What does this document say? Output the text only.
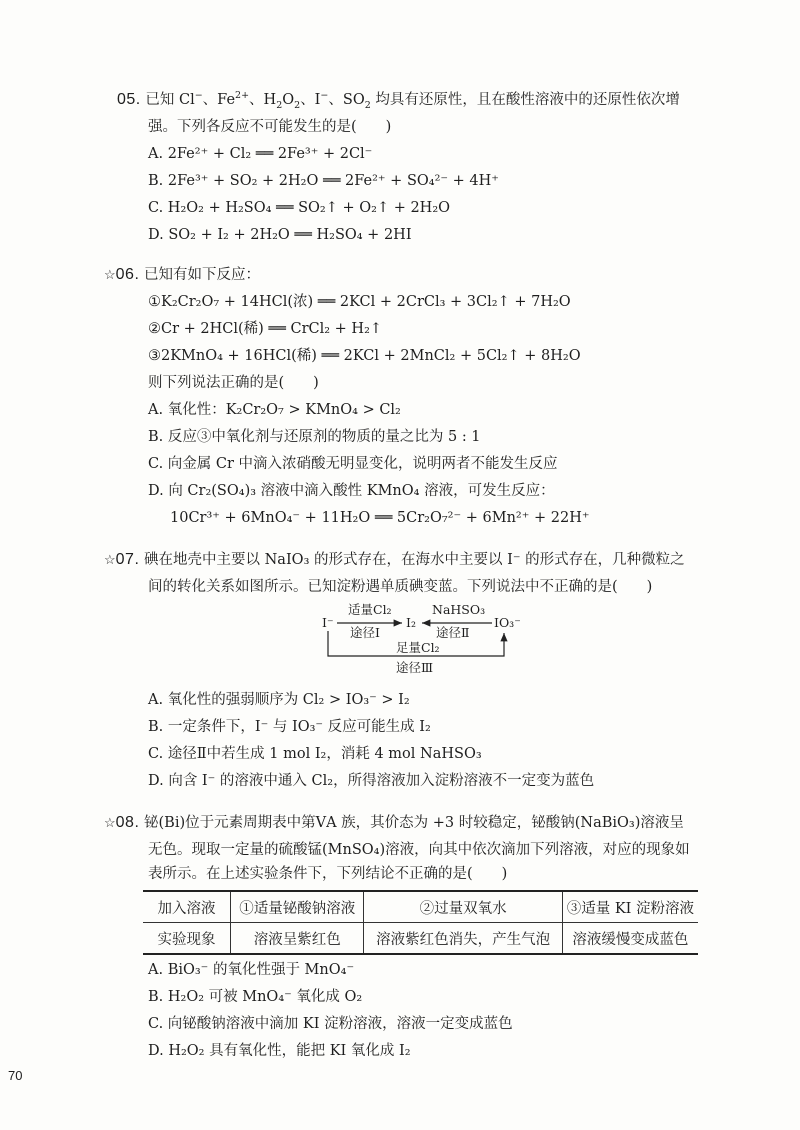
05. 已知 Cl−、$Fe^{2+}$、$H_2O_2$、I−、$SO_2$ 均具有还原性，且在酸性溶液中的还原性依次增
强。下列各反应不可能发生的是(　　)
A. 2Fe²⁺ + Cl₂ ══ 2Fe³⁺ + 2Cl⁻
B. 2Fe³⁺ + SO₂ + 2H₂O ══ 2Fe²⁺ + SO₄²⁻ + 4H⁺
C. H₂O₂ + H₂SO₄ ══ SO₂↑ + O₂↑ + 2H₂O
D. SO₂ + I₂ + 2H₂O ══ H₂SO₄ + 2HI
☆06. 已知有如下反应：
①K₂Cr₂O₇ + 14HCl(浓) ══ 2KCl + 2CrCl₃ + 3Cl₂↑ + 7H₂O
②Cr + 2HCl(稀) ══ CrCl₂ + H₂↑
③2KMnO₄ + 16HCl(稀) ══ 2KCl + 2MnCl₂ + 5Cl₂↑ + 8H₂O
则下列说法正确的是(　　)
A. 氧化性：K₂Cr₂O₇ > KMnO₄ > Cl₂
B. 反应③中氧化剂与还原剂的物质的量之比为 5 : 1
C. 向金属 Cr 中滴入浓硝酸无明显变化，说明两者不能发生反应
D. 向 Cr₂(SO₄)₃ 溶液中滴入酸性 KMnO₄ 溶液，可发生反应：
10Cr³⁺ + 6MnO₄⁻ + 11H₂O ══ 5Cr₂O₇²⁻ + 6Mn²⁺ + 22H⁺
☆07. 碘在地壳中主要以 NaIO₃ 的形式存在，在海水中主要以 I⁻ 的形式存在，几种微粒之
间的转化关系如图所示。已知淀粉遇单质碘变蓝。下列说法中不正确的是(　　)
I⁻	I₂	IO₃⁻
适量Cl₂
途径Ⅰ
NaHSO₃
途径Ⅱ
足量Cl₂
途径Ⅲ
A. 氧化性的强弱顺序为 Cl₂ > IO₃⁻ > I₂
B. 一定条件下，I⁻ 与 IO₃⁻ 反应可能生成 I₂
C. 途径Ⅱ中若生成 1 mol I₂，消耗 4 mol NaHSO₃
D. 向含 I⁻ 的溶液中通入 Cl₂，所得溶液加入淀粉溶液不一定变为蓝色
☆08. 铋(Bi)位于元素周期表中第ⅤA 族，其价态为 +3 时较稳定，铋酸钠(NaBiO₃)溶液呈
无色。现取一定量的硫酸锰(MnSO₄)溶液，向其中依次滴加下列溶液，对应的现象如
表所示。在上述实验条件下，下列结论不正确的是(　　)
加入溶液	①适量铋酸钠溶液	②过量双氧水	③适量 KI 淀粉溶液
实验现象	溶液呈紫红色	溶液紫红色消失，产生气泡	溶液缓慢变成蓝色
A. BiO₃⁻ 的氧化性强于 MnO₄⁻
B. H₂O₂ 可被 MnO₄⁻ 氧化成 O₂
C. 向铋酸钠溶液中滴加 KI 淀粉溶液，溶液一定变成蓝色
D. H₂O₂ 具有氧化性，能把 KI 氧化成 I₂
70
